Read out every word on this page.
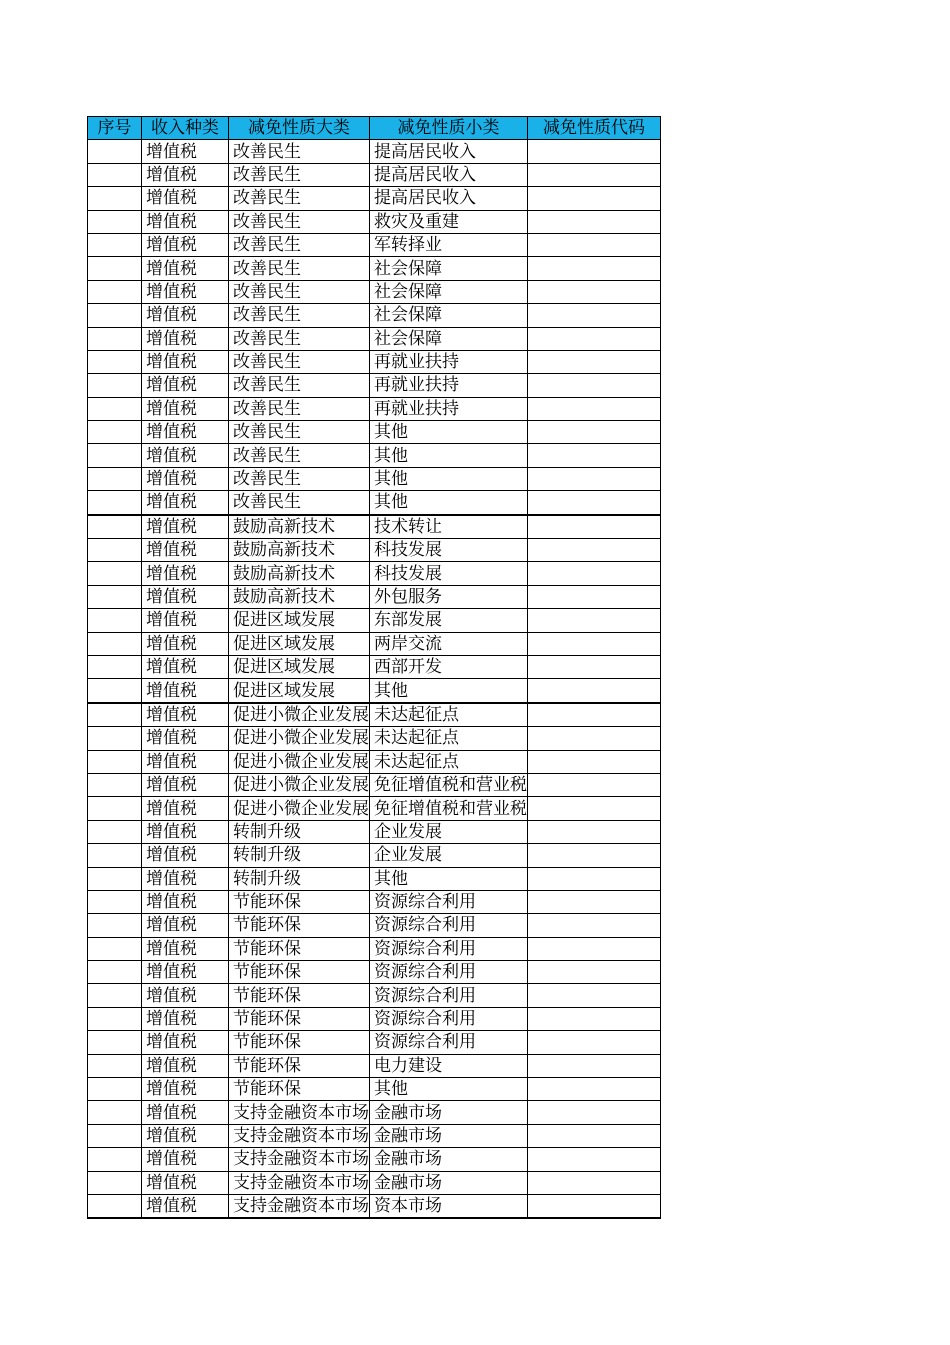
序号	收入种类	减免性质大类	减免性质小类	减免性质代码
	增值税	改善民生	提高居民收入	
	增值税	改善民生	提高居民收入	
	增值税	改善民生	提高居民收入	
	增值税	改善民生	救灾及重建	
	增值税	改善民生	军转择业	
	增值税	改善民生	社会保障	
	增值税	改善民生	社会保障	
	增值税	改善民生	社会保障	
	增值税	改善民生	社会保障	
	增值税	改善民生	再就业扶持	
	增值税	改善民生	再就业扶持	
	增值税	改善民生	再就业扶持	
	增值税	改善民生	其他	
	增值税	改善民生	其他	
	增值税	改善民生	其他	
	增值税	改善民生	其他	
	增值税	鼓励高新技术	技术转让	
	增值税	鼓励高新技术	科技发展	
	增值税	鼓励高新技术	科技发展	
	增值税	鼓励高新技术	外包服务	
	增值税	促进区域发展	东部发展	
	增值税	促进区域发展	两岸交流	
	增值税	促进区域发展	西部开发	
	增值税	促进区域发展	其他	
	增值税	促进小微企业发展	未达起征点	
	增值税	促进小微企业发展	未达起征点	
	增值税	促进小微企业发展	未达起征点	
	增值税	促进小微企业发展	免征增值税和营业税	
	增值税	促进小微企业发展	免征增值税和营业税	
	增值税	转制升级	企业发展	
	增值税	转制升级	企业发展	
	增值税	转制升级	其他	
	增值税	节能环保	资源综合利用	
	增值税	节能环保	资源综合利用	
	增值税	节能环保	资源综合利用	
	增值税	节能环保	资源综合利用	
	增值税	节能环保	资源综合利用	
	增值税	节能环保	资源综合利用	
	增值税	节能环保	资源综合利用	
	增值税	节能环保	电力建设	
	增值税	节能环保	其他	
	增值税	支持金融资本市场	金融市场	
	增值税	支持金融资本市场	金融市场	
	增值税	支持金融资本市场	金融市场	
	增值税	支持金融资本市场	金融市场	
	增值税	支持金融资本市场	资本市场	
